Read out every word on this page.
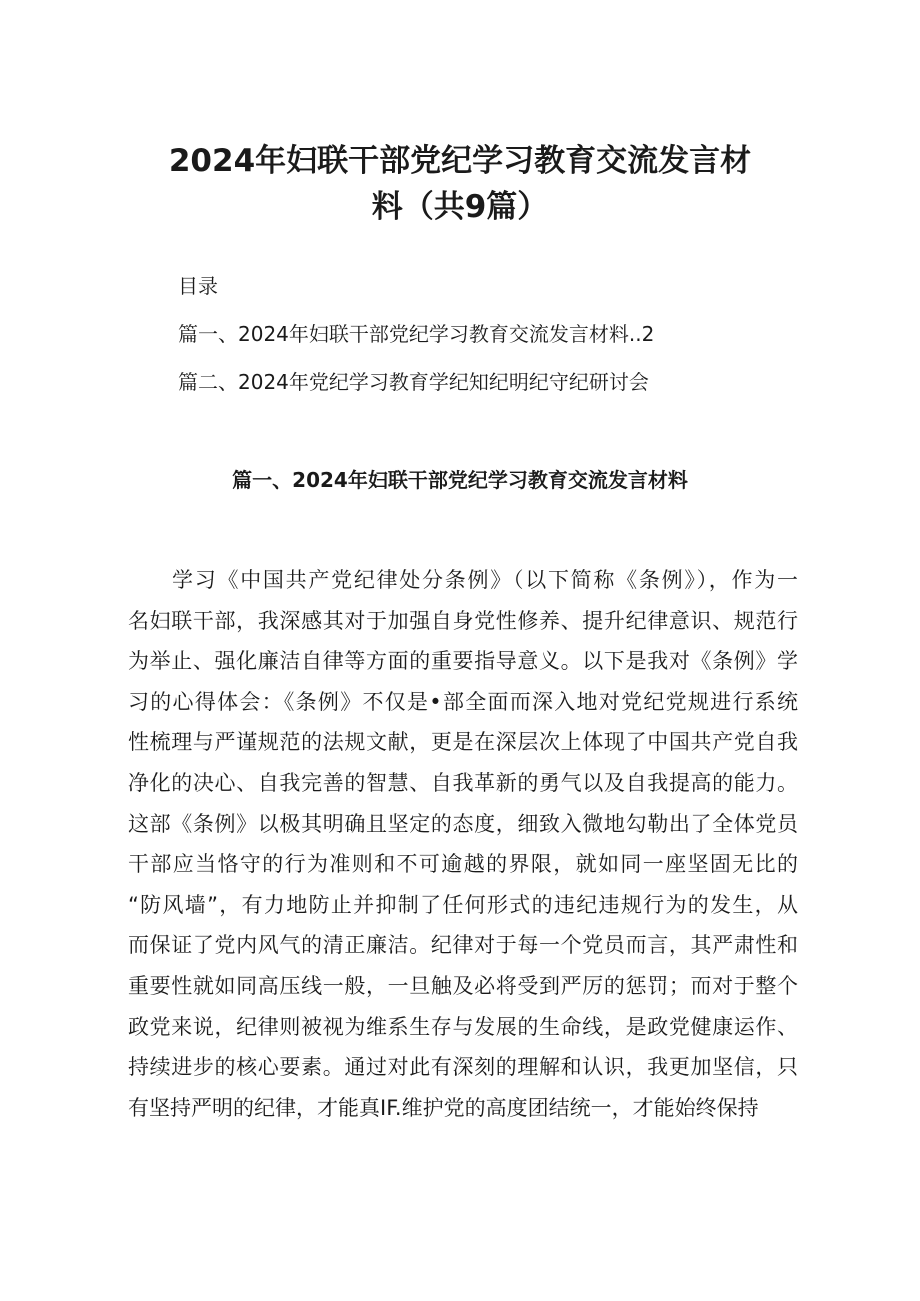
2024年妇联干部党纪学习教育交流发言材
料（共9篇）
目录
篇一、2024年妇联干部党纪学习教育交流发言材料..2
篇二、2024年党纪学习教育学纪知纪明纪守纪研讨会
篇一、2024年妇联干部党纪学习教育交流发言材料
学习《中国共产党纪律处分条例》（以下简称《条例》），作为一
名妇联干部，我深感其对于加强自身党性修养、提升纪律意识、规范行
为举止、强化廉洁自律等方面的重要指导意义。以下是我对《条例》学
习的心得体会：《条例》不仅是•部全面而深入地对党纪党规进行系统
性梳理与严谨规范的法规文献，更是在深层次上体现了中国共产党自我
净化的决心、自我完善的智慧、自我革新的勇气以及自我提高的能力。
这部《条例》以极其明确且坚定的态度，细致入微地勾勒出了全体党员
干部应当恪守的行为准则和不可逾越的界限，就如同一座坚固无比的
“防风墙”，有力地防止并抑制了任何形式的违纪违规行为的发生，从
而保证了党内风气的清正廉洁。纪律对于每一个党员而言，其严肃性和
重要性就如同高压线一般，一旦触及必将受到严厉的惩罚；而对于整个
政党来说，纪律则被视为维系生存与发展的生命线，是政党健康运作、
持续进步的核心要素。通过对此有深刻的理解和认识，我更加坚信，只
有坚持严明的纪律，才能真IF.维护党的高度团结统一，才能始终保持
